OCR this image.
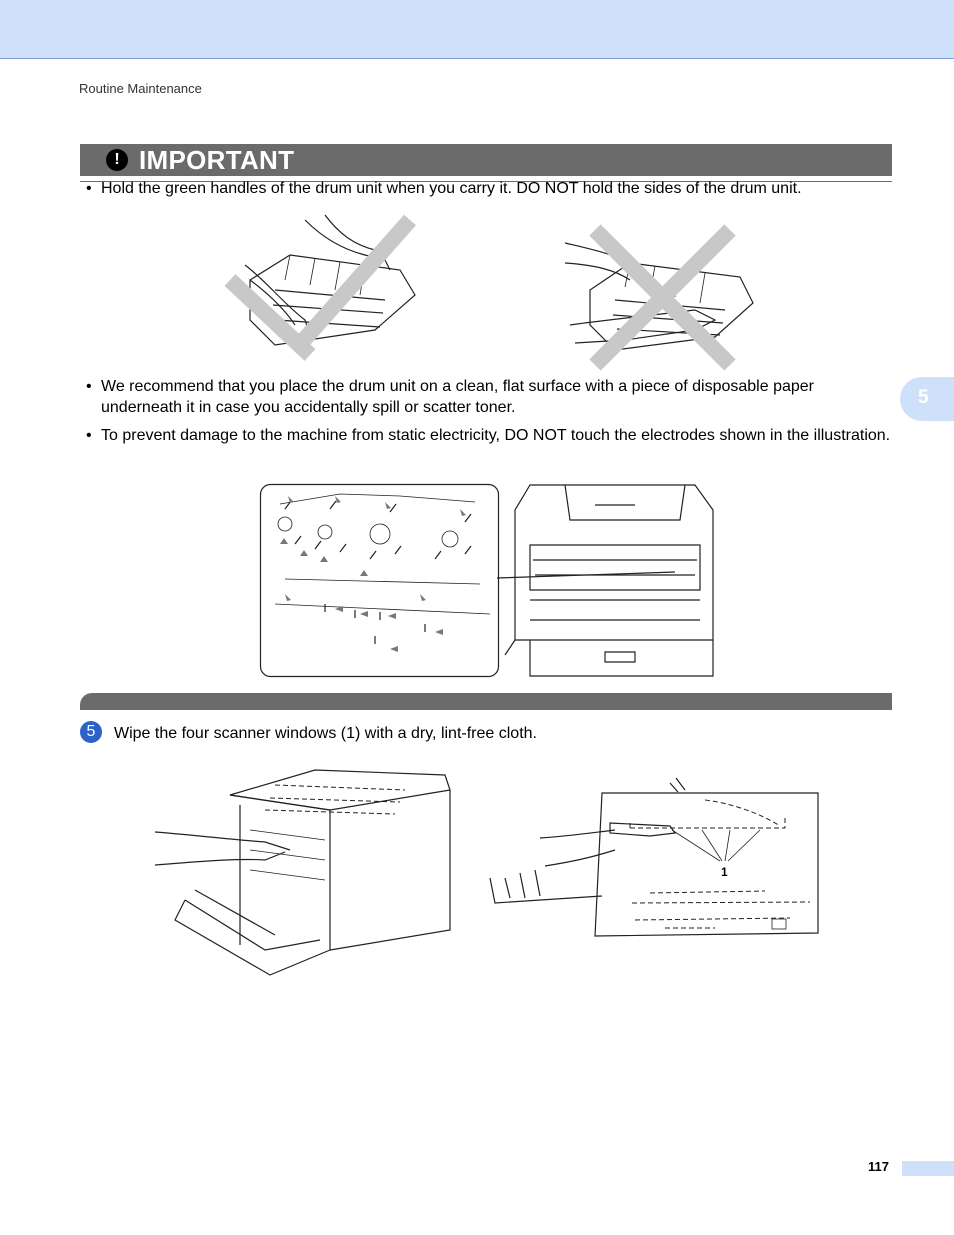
Routine Maintenance
! IMPORTANT
• Hold the green handles of the drum unit when you carry it. DO NOT hold the sides of the drum unit.
5
• We recommend that you place the drum unit on a clean, flat surface with a piece of disposable paper underneath it in case you accidentally spill or scatter toner.
• To prevent damage to the machine from static electricity, DO NOT touch the electrodes shown in the illustration.
5	Wipe the four scanner windows (1) with a dry, lint-free cloth.
1
117
